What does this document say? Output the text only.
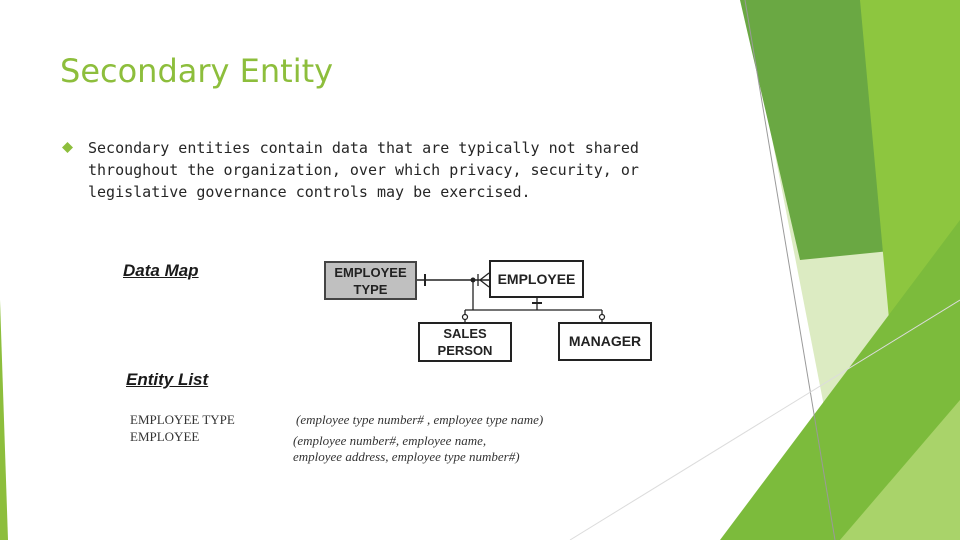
Secondary Entity
Secondary entities contain data that are typically not shared throughout the organization, over which privacy, security, or legislative governance controls may be exercised.
Data Map	EMPLOYEE TYPE
EMPLOYEE
SALES PERSON
MANAGER
Entity List
EMPLOYEE TYPE	(employee type number# , employee type name)
EMPLOYEE	(employee number#, employee name,
employee address, employee type number#)
